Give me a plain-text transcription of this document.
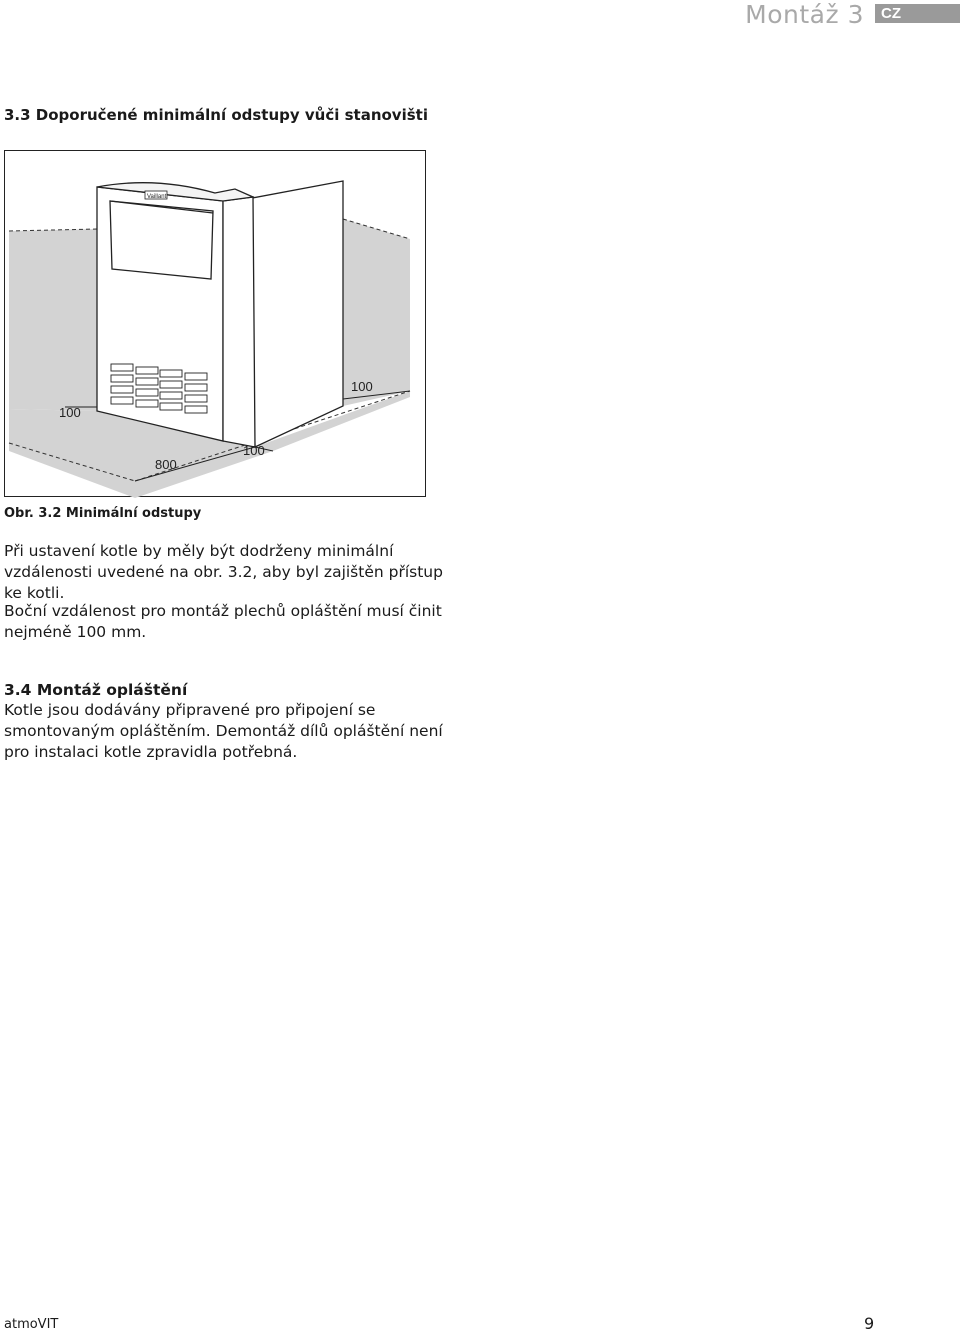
Montáž 3	CZ
3.3 Doporučené minimální odstupy vůči stanovišti
Vaillant
100
100
100
800
Obr. 3.2 Minimální odstupy

Při ustavení kotle by měly být dodrženy minimální vzdálenosti uvedené na obr. 3.2, aby byl zajištěn přístup ke kotli.

Boční vzdálenost pro montáž plechů opláštění musí činit nejméně 100 mm.

3.4 Montáž opláštění

Kotle jsou dodávány připravené pro připojení se smontovaným opláštěním. Demontáž dílů opláštění není pro instalaci kotle zpravidla potřebná.

atmoVIT	9
